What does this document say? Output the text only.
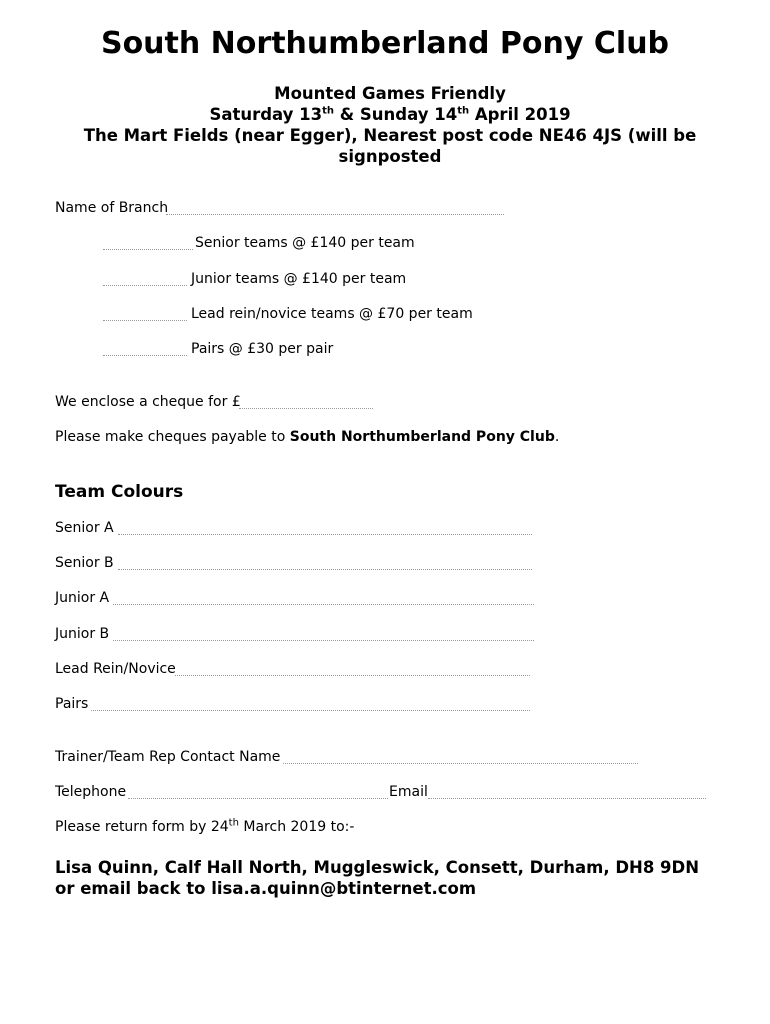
South Northumberland Pony Club
Mounted Games Friendly
Saturday 13th & Sunday 14th April 2019
The Mart Fields (near Egger), Nearest post code NE46 4JS (will be
signposted
Name of Branch
Senior teams @ £140 per team
Junior teams @ £140 per team
Lead rein/novice teams @ £70 per team
Pairs @ £30 per pair
We enclose a cheque for £
Please make cheques payable to South Northumberland Pony Club.
Team Colours
Senior A
Senior B
Junior A
Junior B
Lead Rein/Novice
Pairs
Trainer/Team Rep Contact Name
Telephone	Email
Please return form by 24th March 2019 to:-
Lisa Quinn, Calf Hall North, Muggleswick, Consett, Durham, DH8 9DN
or email back to lisa.a.quinn@btinternet.com
